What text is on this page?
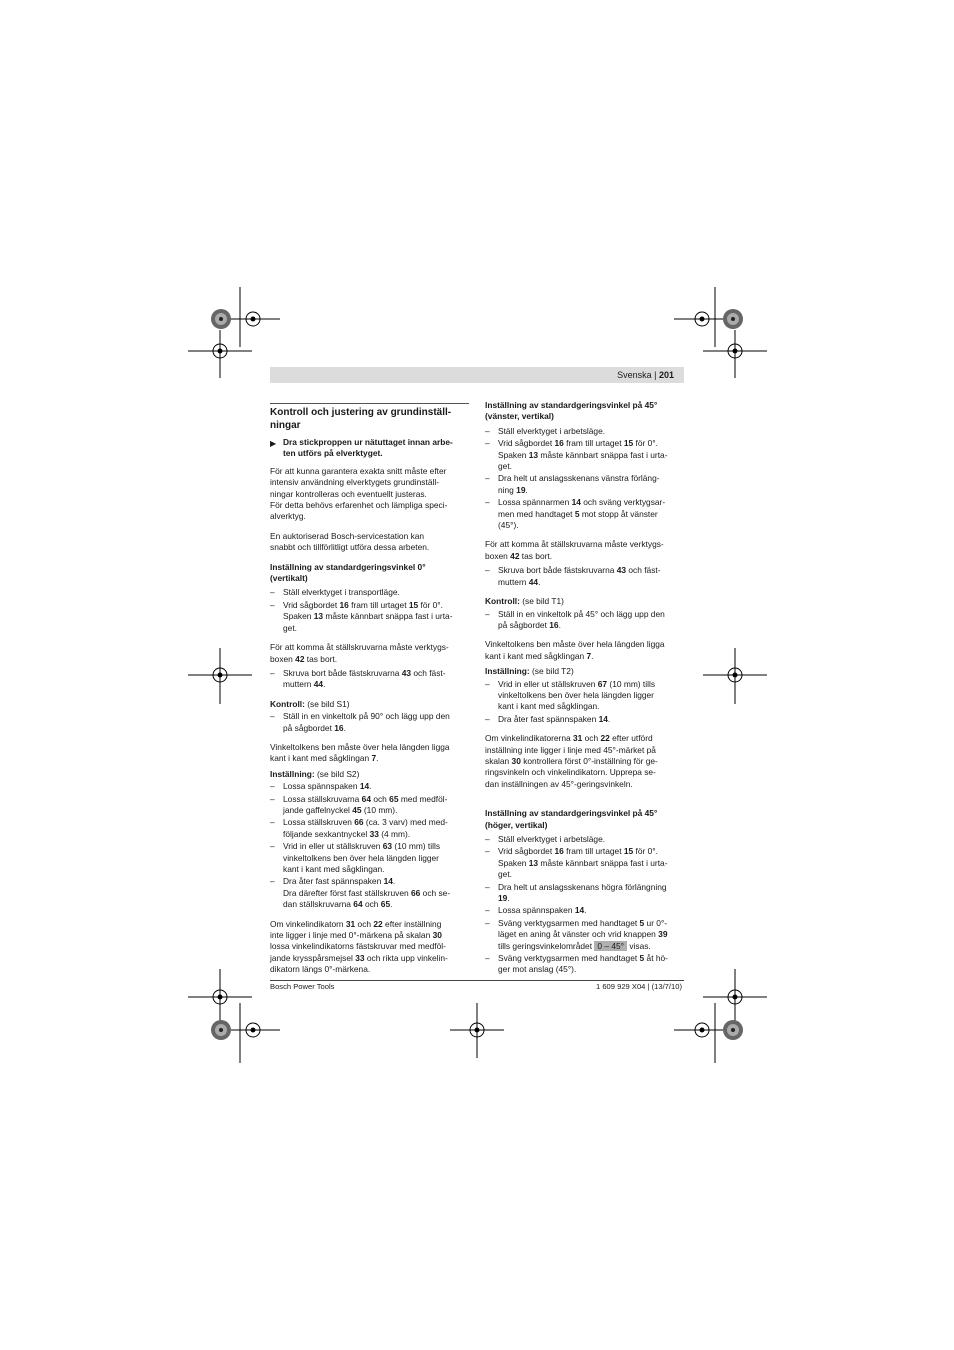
Svenska | 201
Kontroll och justering av grundinställ-
ningar
▶ Dra stickproppen ur nätuttaget innan arbe-
ten utförs på elverktyget.

För att kunna garantera exakta snitt måste efter
intensiv användning elverktygets grundinställ-
ningar kontrolleras och eventuellt justeras.
För detta behövs erfarenhet och lämpliga speci-
alverktyg.

En auktoriserad Bosch-servicestation kan
snabbt och tillförlitligt utföra dessa arbeten.

Inställning av standardgeringsvinkel 0°
(vertikalt)
– Ställ elverktyget i transportläge.
– Vrid sågbordet 16 fram till urtaget 15 för 0°.
Spaken 13 måste kännbart snäppa fast i urta-
get.

För att komma åt ställskruvarna måste verktygs-
boxen 42 tas bort.

– Skruva bort både fästskruvarna 43 och fäst-
muttern 44.
Kontroll: (se bild S1)
– Ställ in en vinkeltolk på 90° och lägg upp den
på sågbordet 16.

Vinkeltolkens ben måste över hela längden ligga
kant i kant med sågklingan 7.

Inställning: (se bild S2)
– Lossa spännspaken 14.
– Lossa ställskruvarna 64 och 65 med medföl-
jande gaffelnyckel 45 (10 mm).
– Lossa ställskruven 66 (ca. 3 varv) med med-
följande sexkantnyckel 33 (4 mm).
– Vrid in eller ut ställskruven 63 (10 mm) tills
vinkeltolkens ben över hela längden ligger
kant i kant med sågklingan.
– Dra åter fast spännspaken 14.
Dra därefter först fast ställskruven 66 och se-
dan ställskruvarna 64 och 65.

Om vinkelindikatorn 31 och 22 efter inställning
inte ligger i linje med 0°-märkena på skalan 30
lossa vinkelindikatorns fästskruvar med medföl-
jande krysspårsmejsel 33 och rikta upp vinkelin-
dikatorn längs 0°-märkena.

Inställning av standardgeringsvinkel på 45°
(vänster, vertikal)
– Ställ elverktyget i arbetsläge.
– Vrid sågbordet 16 fram till urtaget 15 för 0°.
Spaken 13 måste kännbart snäppa fast i urta-
get.
– Dra helt ut anslagsskenans vänstra förläng-
ning 19.
– Lossa spännarmen 14 och sväng verktygsar-
men med handtaget 5 mot stopp åt vänster
(45°).

För att komma åt ställskruvarna måste verktygs-
boxen 42 tas bort.

– Skruva bort både fästskruvarna 43 och fäst-
muttern 44.
Kontroll: (se bild T1)
– Ställ in en vinkeltolk på 45° och lägg upp den
på sågbordet 16.

Vinkeltolkens ben måste över hela längden ligga
kant i kant med sågklingan 7.

Inställning: (se bild T2)
– Vrid in eller ut ställskruven 67 (10 mm) tills
vinkeltolkens ben över hela längden ligger
kant i kant med sågklingan.
– Dra åter fast spännspaken 14.

Om vinkelindikatorerna 31 och 22 efter utförd
inställning inte ligger i linje med 45°-märket på
skalan 30 kontrollera först 0°-inställning för ge-
ringsvinkeln och vinkelindikatorn. Upprepa se-
dan inställningen av 45°-geringsvinkeln.

Inställning av standardgeringsvinkel på 45°
(höger, vertikal)
– Ställ elverktyget i arbetsläge.
– Vrid sågbordet 16 fram till urtaget 15 för 0°.
Spaken 13 måste kännbart snäppa fast i urta-
get.
– Dra helt ut anslagsskenans högra förlängning
19.
– Lossa spännspaken 14.
– Sväng verktygsarmen med handtaget 5 ur 0°-
läget en aning åt vänster och vrid knappen 39
tills geringsvinkelområdet 0 – 45° visas.
– Sväng verktygsarmen med handtaget 5 åt hö-
ger mot anslag (45°).
Bosch Power Tools	1 609 929 X04 | (13/7/10)
